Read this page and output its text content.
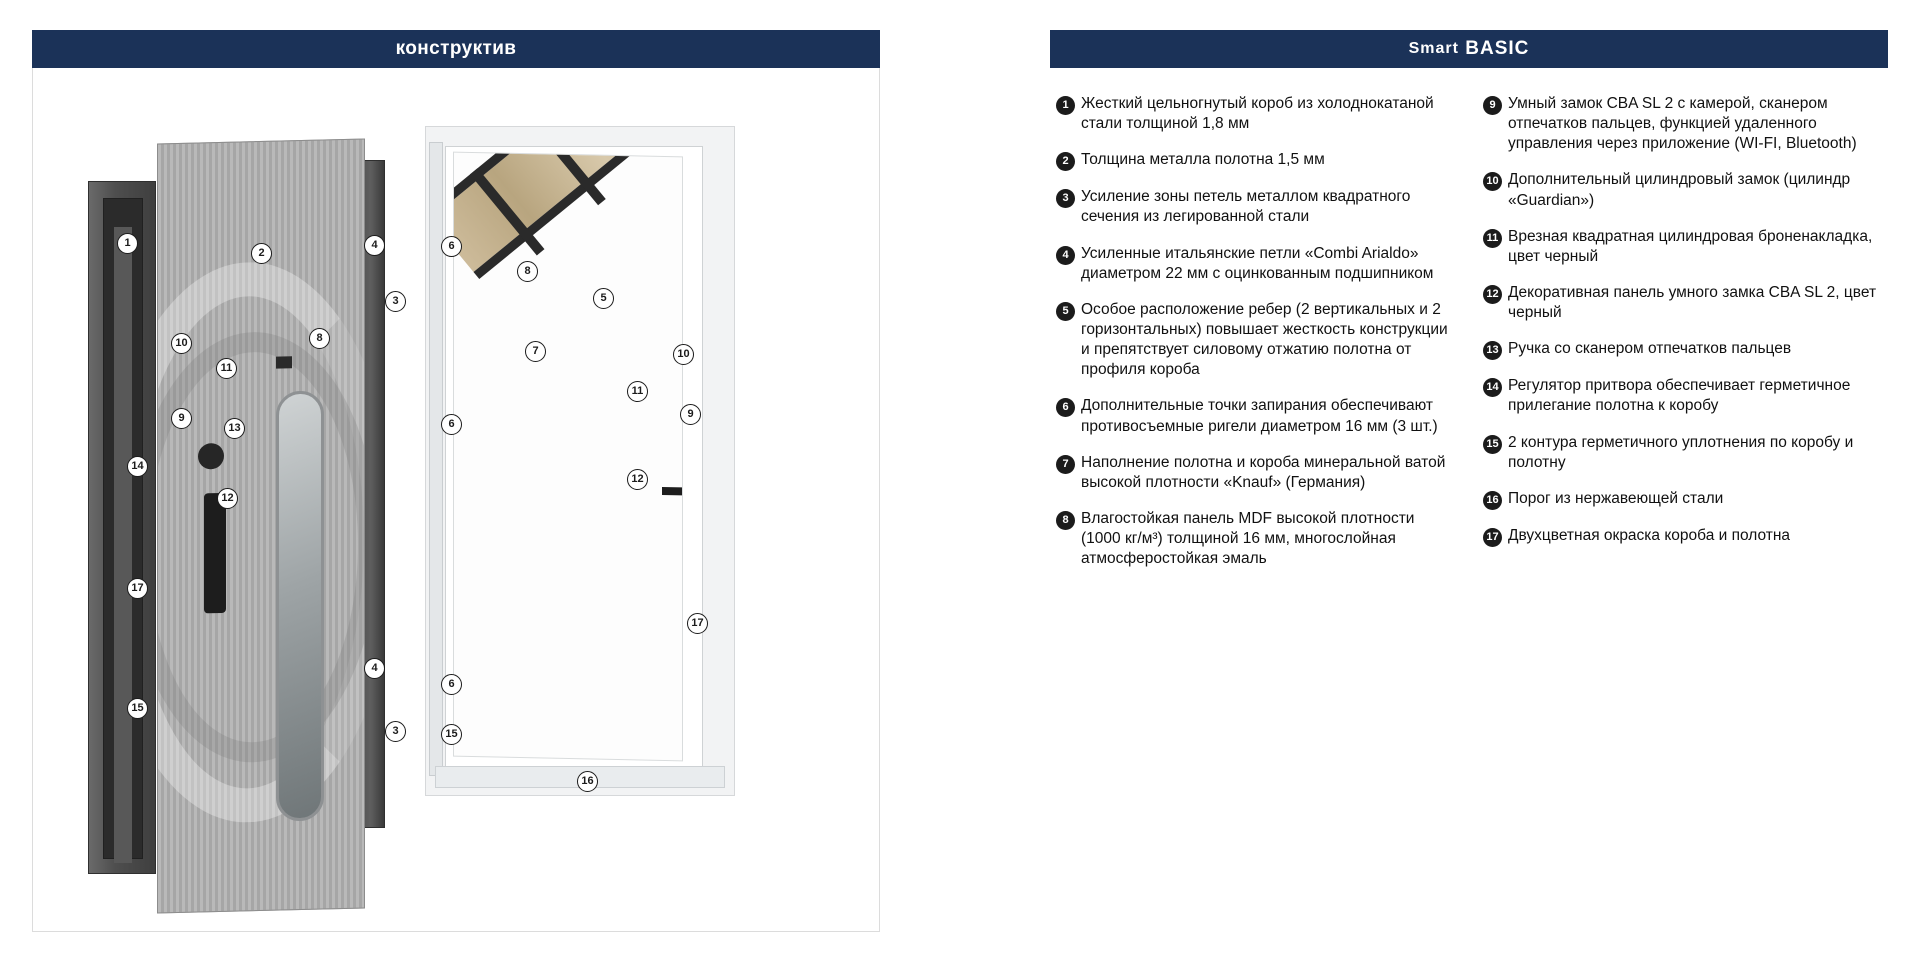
конструктив
1
2
4
3
10	8
11
9
13
14
12
17
4
15
3
6
8
5
7	10
6
11
9
12
17
6
15
16
Smart
BASIC
1 Жесткий цельногнутый короб из холоднокатаной стали толщиной 1,8 мм
2 Толщина металла полотна 1,5 мм
3 Усиление зоны петель металлом квадратного сечения из легированной стали
4 Усиленные итальянские петли «Combi Arialdo» диаметром 22 мм с оцинкованным подшипником
5 Особое расположение ребер (2 вертикальных и 2 горизонтальных) повышает жесткость конструкции и препятствует силовому отжатию полотна от профиля короба
6 Дополнительные точки запирания обеспечивают противосъемные ригели диаметром 16 мм (3 шт.)
7 Наполнение полотна и короба минеральной ватой высокой плотности «Knauf» (Германия)
8 Влагостойкая панель MDF высокой плотности (1000 кг/м³) толщиной 16 мм, многослойная атмосферостойкая эмаль
9 Умный замок CBA SL 2 с камерой, сканером отпечатков пальцев, функцией удаленного управления через приложение (WI-FI, Bluetooth)
10 Дополнительный цилиндровый замок (цилиндр «Guardian»)
11 Врезная квадратная цилиндровая броненакладка, цвет черный
12 Декоративная панель умного замка CBA SL 2, цвет черный
13 Ручка со сканером отпечатков пальцев
14 Регулятор притвора обеспечивает герметичное прилегание полотна к коробу
15 2 контура герметичного уплотнения по коробу и полотну
16 Порог из нержавеющей стали
17 Двухцветная окраска короба и полотна
